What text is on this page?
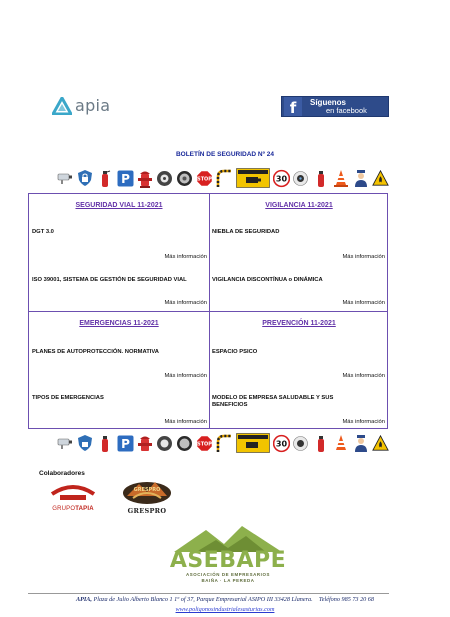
apia	f	Síguenos
en facebook
BOLETÍN DE SEGURIDAD Nº 24
P	STOP	30
SEGURIDAD VIAL 11-2021
DGT 3.0
Más información
ISO 39001, SISTEMA DE GESTIÓN DE SEGURIDAD VIAL
Más información
VIGILANCIA 11-2021
NIEBLA DE SEGURIDAD
Más información
VIGILANCIA DISCONTÍNUA o DINÁMICA
Más información
EMERGENCIAS 11-2021
PLANES DE AUTOPROTECCIÓN. NORMATIVA
Más información
TIPOS DE EMERGENCIAS
Más información
PREVENCIÓN 11-2021
ESPACIO PSICO
Más información
MODELO DE EMPRESA SALUDABLE Y SUS BENEFICIOS
Más información
P	STOP	30
Colaboradores
GRUPOTAPIA
GRESPRO
GRESPRO
ASEBAPE
ASOCIACIÓN DE EMPRESARIOS
BAIÑA · LA PEREDA
APIA, Plaza de Julio Alberto Blanco 1 1º of 37, Parque Empresarial ASIPO III 33428 Llanera. Teléfono 985 73 20 68
www.poligonosindustrialesasturias.com
